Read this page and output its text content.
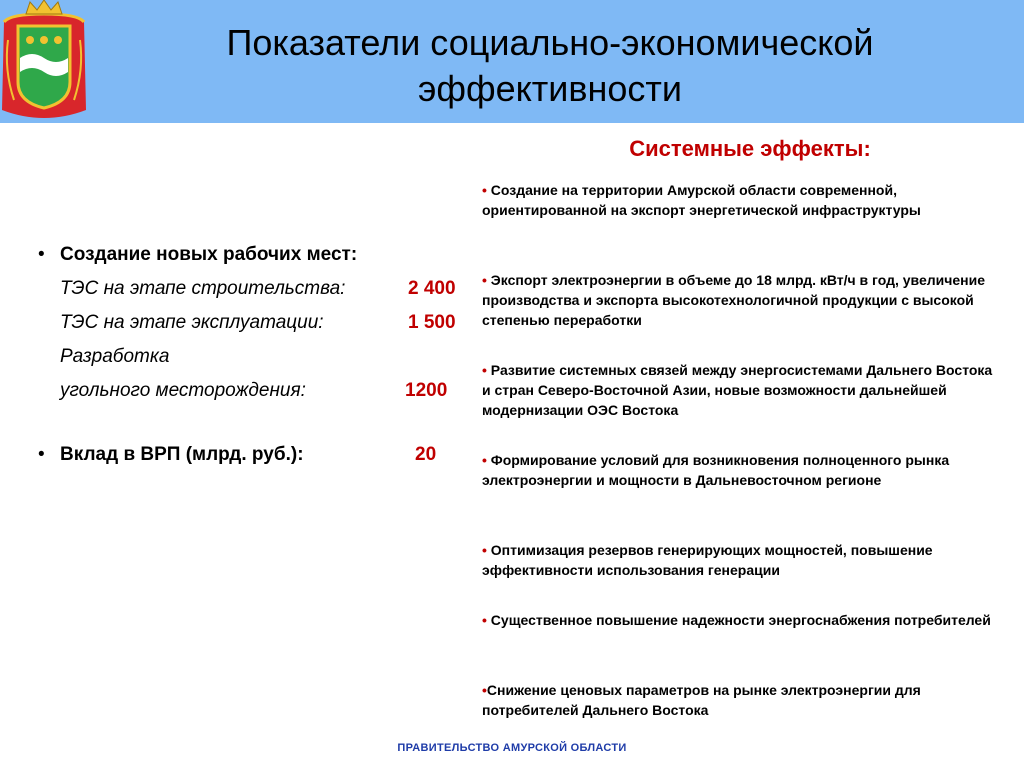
Показатели социально-экономической
эффективности
Системные эффекты:
• Создание новых рабочих мест:
ТЭС на этапе строительства:	2 400
ТЭС на этапе эксплуатации:	1 500
Разработка
угольного месторождения:	1200
• Вклад в ВРП (млрд. руб.):	20
• Создание на территории Амурской области современной, ориентированной на экспорт энергетической инфраструктуры
• Экспорт электроэнергии в объеме до 18 млрд. кВт/ч в год, увеличение производства и экспорта высокотехнологичной продукции с высокой степенью переработки
• Развитие системных связей между энергосистемами Дальнего Востока и стран Северо-Восточной Азии, новые возможности дальнейшей модернизации ОЭС Востока
• Формирование условий для возникновения полноценного рынка электроэнергии и мощности в Дальневосточном регионе
• Оптимизация резервов генерирующих мощностей, повышение эффективности использования генерации
• Существенное повышение надежности энергоснабжения потребителей
•Снижение ценовых параметров на рынке электроэнергии для потребителей Дальнего Востока
ПРАВИТЕЛЬСТВО АМУРСКОЙ ОБЛАСТИ
